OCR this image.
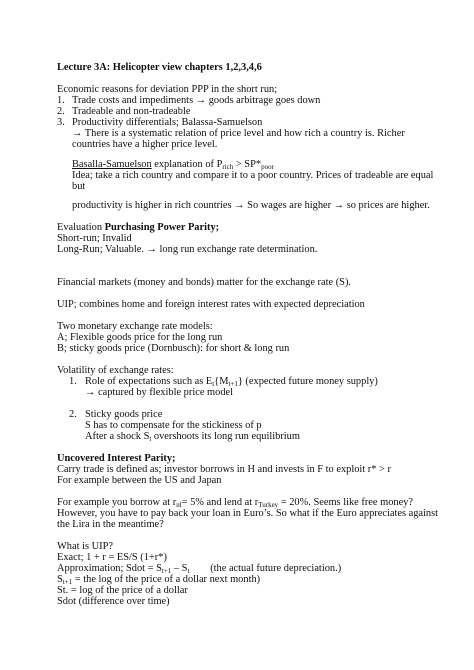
Lecture 3A: Helicopter view chapters 1,2,3,4,6
Economic reasons for deviation PPP in the short run;
1. Trade costs and impediments → goods arbitrage goes down
2. Tradeable and non-tradeable
3. Productivity differentials; Balassa-Samuelson
→ There is a systematic relation of price level and how rich a country is. Richer
countries have a higher price level.
Basalla-Samuelson explanation of $P_{rich} > SP*_{poor}$
Idea; take a rich country and compare it to a poor country. Prices of tradeable are equal
but
productivity is higher in rich countries → So wages are higher → so prices are higher.
Evaluation Purchasing Power Parity;
Short-run; Invalid
Long-Run; Valuable. → long run exchange rate determination.
Financial markets (money and bonds) matter for the exchange rate (S).
UIP; combines home and foreign interest rates with expected depreciation
Two monetary exchange rate models:
A; Flexible goods price for the long run
B; sticky goods price (Dornbusch): for short & long run
Volatility of exchange rates:
1. Role of expectations such as $E_t\{M_{t+1}\}$ (expected future money supply)
→ captured by flexible price model
2. Sticky goods price
S has to compensate for the stickiness of p
After a shock $S_t$ overshoots its long run equilibrium
Uncovered Interest Parity;
Carry trade is defined as; investor borrows in H and invests in F to exploit r* > r
For example between the US and Japan
For example you borrow at $r_{nl}= 5\%$ and lend at $r_{Turkey} = 20\%$. Seems like free money?
However, you have to pay back your loan in Euro’s. So what if the Euro appreciates against
the Lira in the meantime?
What is UIP?
Exact; 1 + r = ES/S (1+r*)
Approximation; Sdot = $S_{t+1} - S_t$        (the actual future depreciation.)
$S_{t+1}$ = the log of the price of a dollar next month)
St. = log of the price of a dollar
Sdot (difference over time)
